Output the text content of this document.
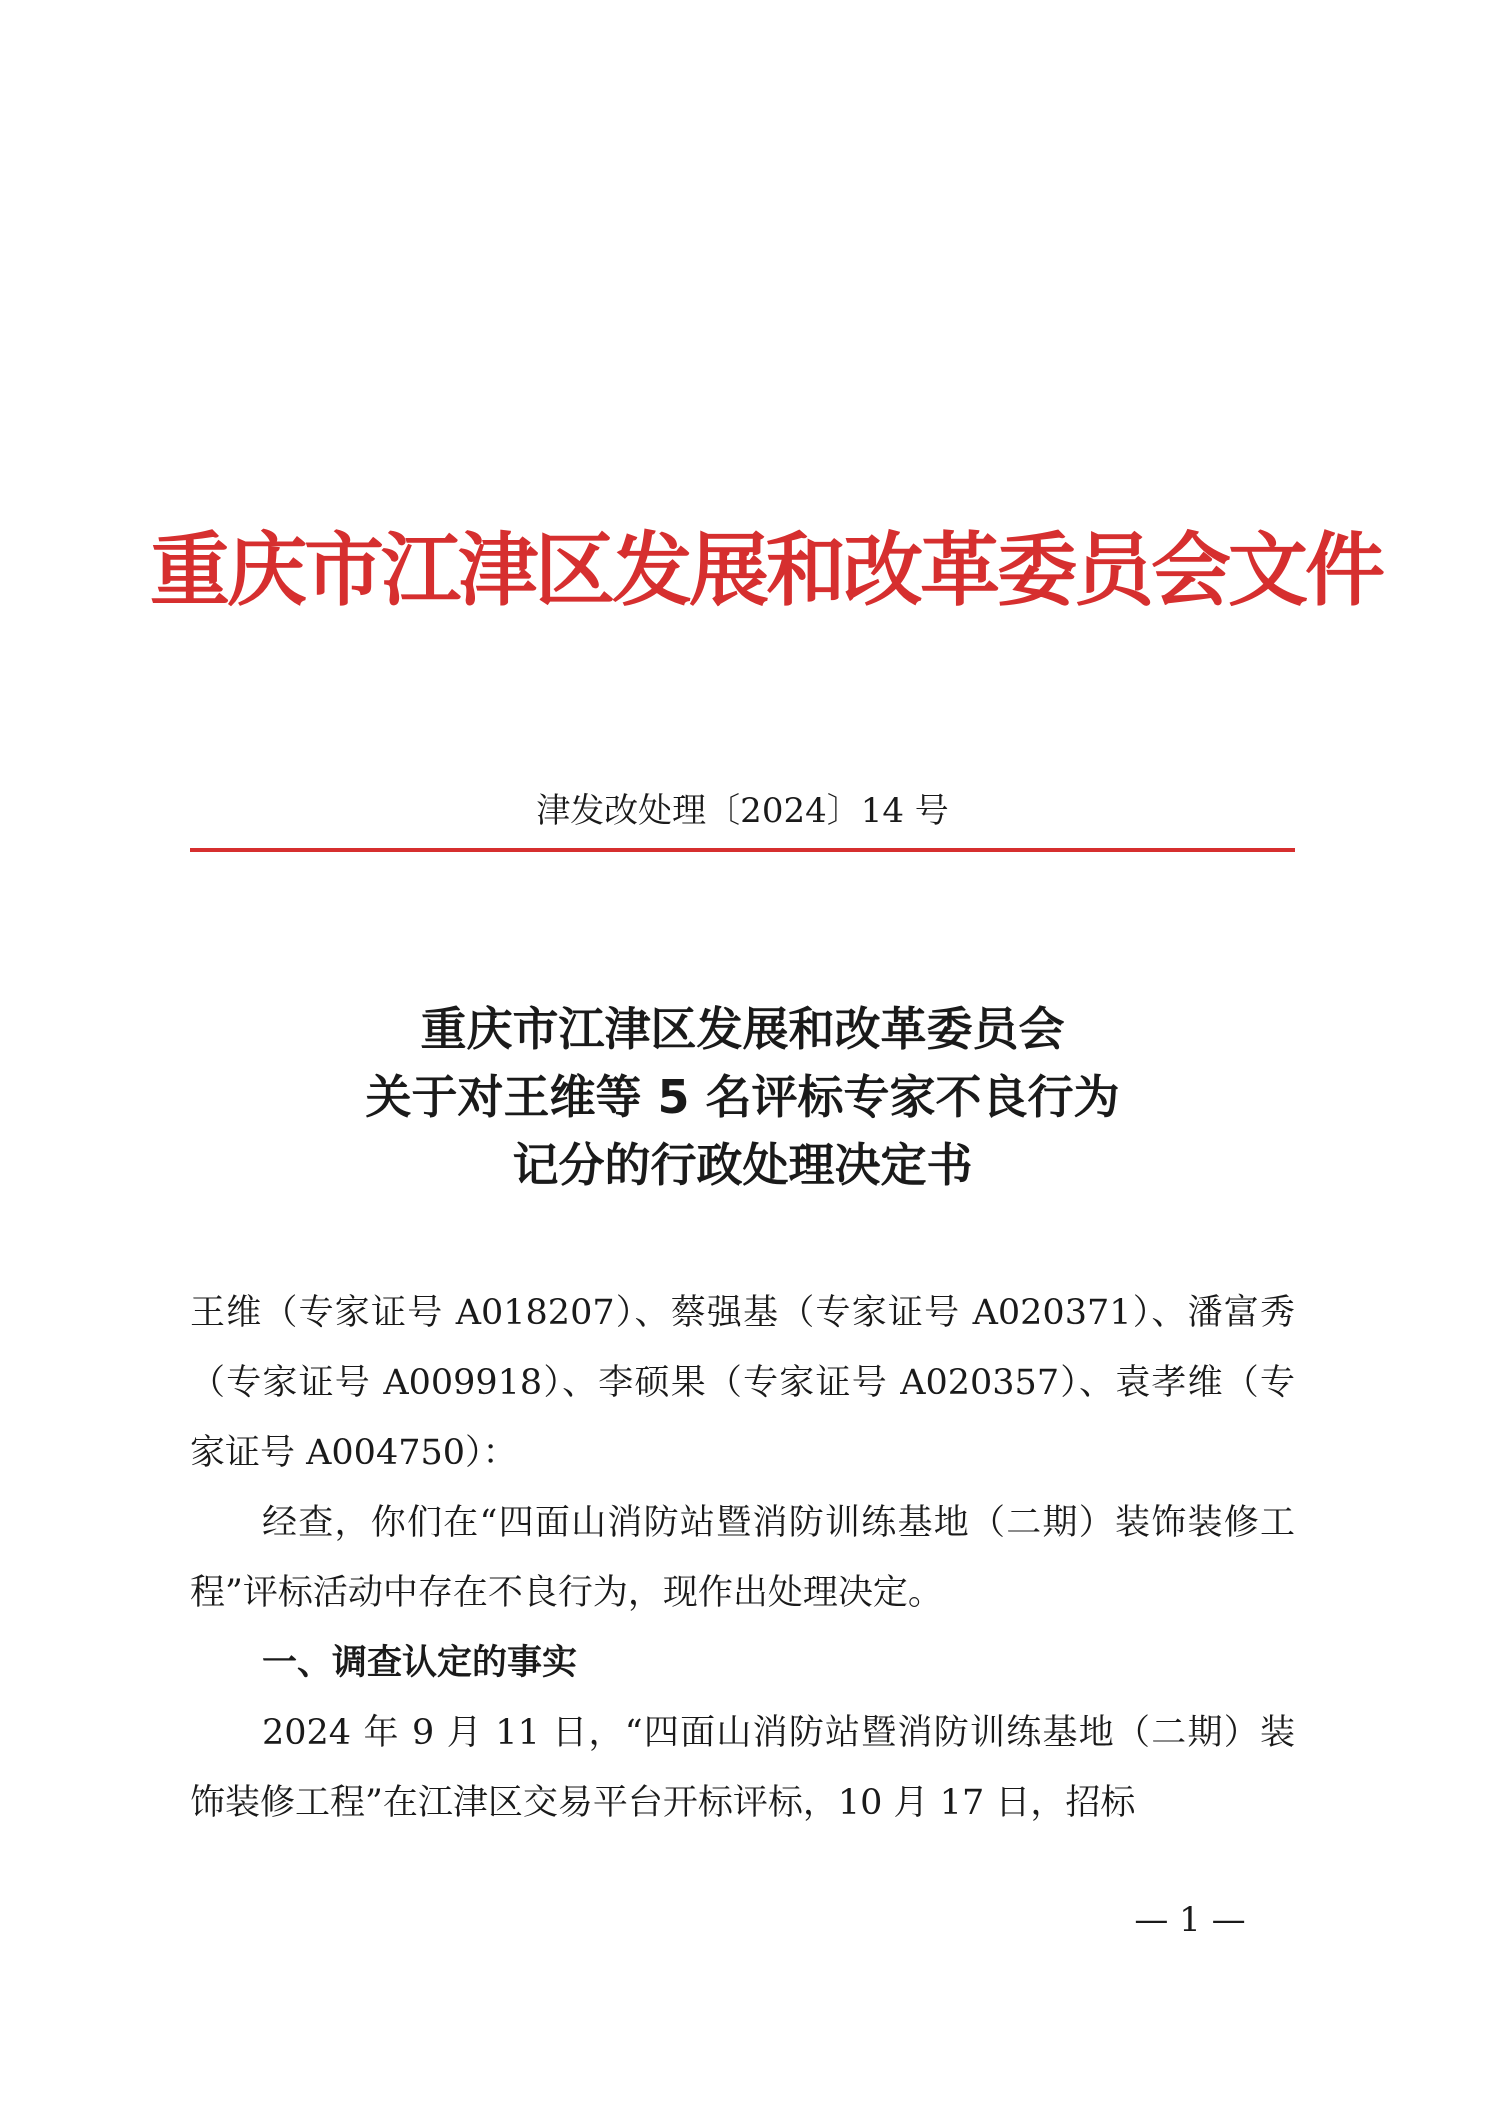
重庆市江津区发展和改革委员会文件
津发改处理〔2024〕14 号
重庆市江津区发展和改革委员会
关于对王维等 5 名评标专家不良行为
记分的行政处理决定书

王维（专家证号 A018207）、蔡强基（专家证号 A020371）、潘富秀（专家证号 A009918）、李硕果（专家证号 A020357）、袁孝维（专家证号 A004750）：

经查，你们在“四面山消防站暨消防训练基地（二期）装饰装修工程”评标活动中存在不良行为，现作出处理决定。

一、调查认定的事实

2024 年 9 月 11 日，“四面山消防站暨消防训练基地（二期）装饰装修工程”在江津区交易平台开标评标，10 月 17 日，招标

— 1 —
